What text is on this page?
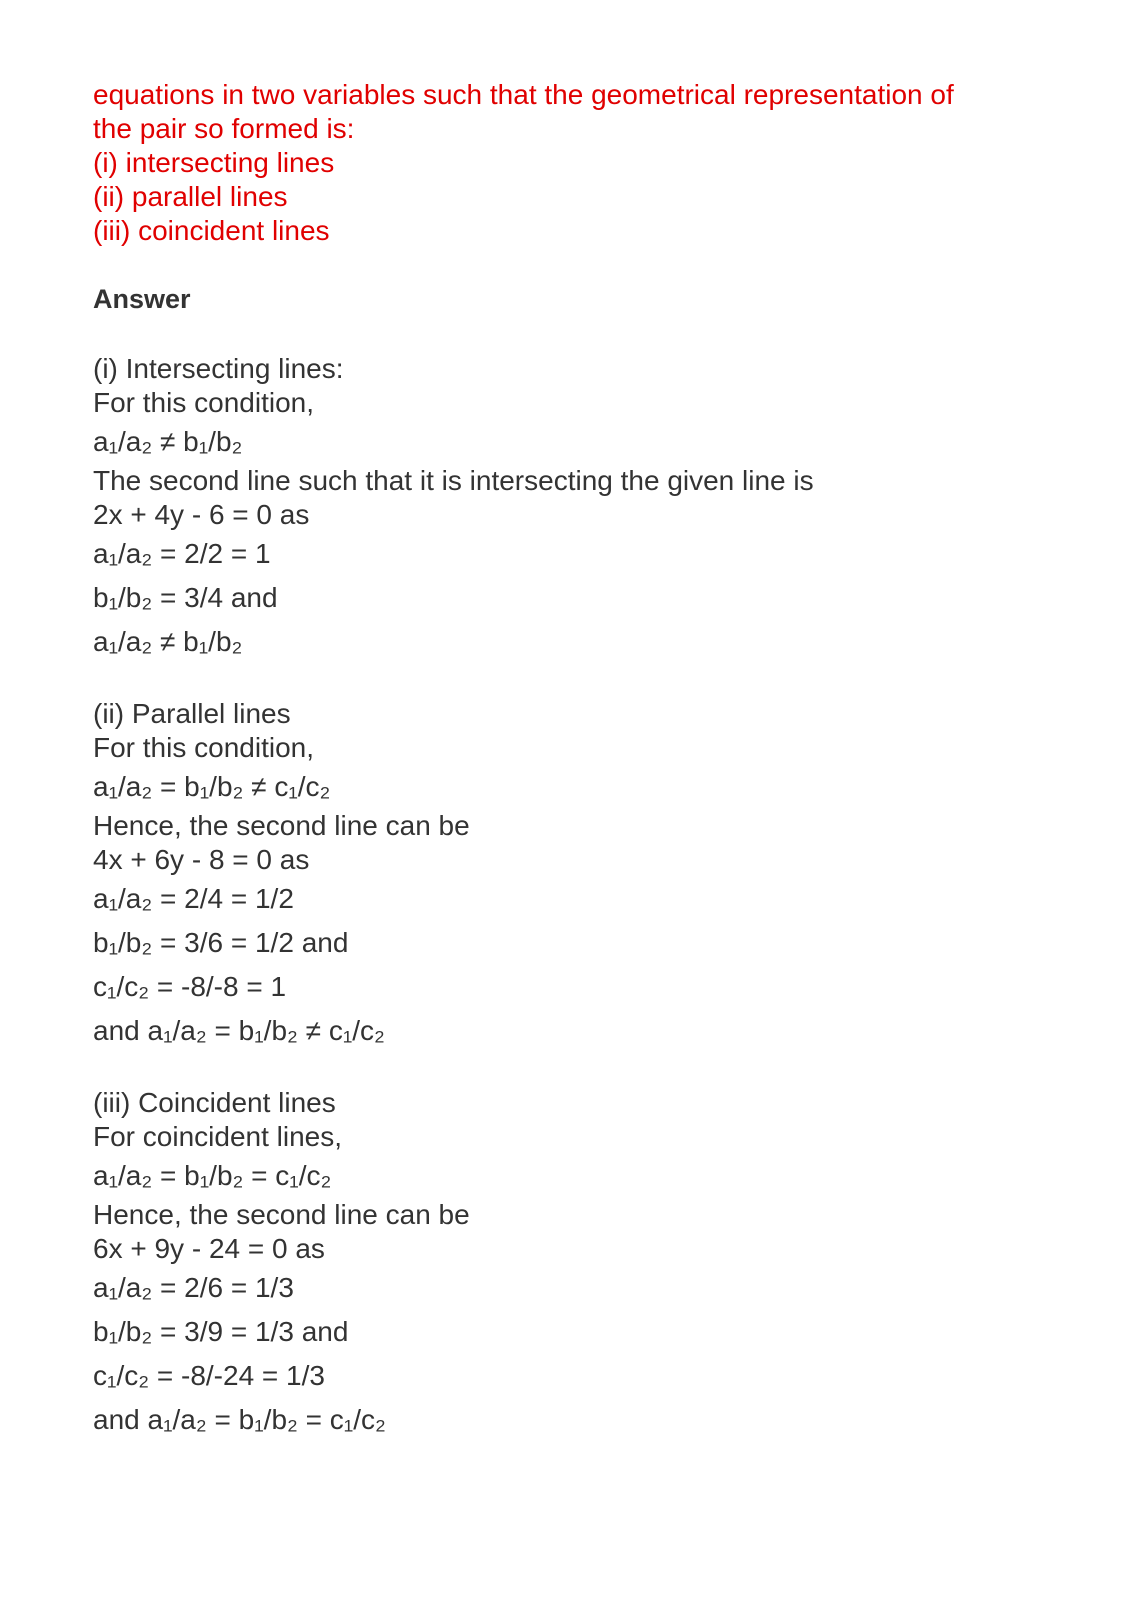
equations in two variables such that the geometrical representation of
the pair so formed is:
(i) intersecting lines
(ii) parallel lines
(iii) coincident lines
Answer
(i) Intersecting lines:
For this condition,
a₁/a₂ ≠ b₁/b₂
The second line such that it is intersecting the given line is
2x + 4y - 6 = 0 as
a₁/a₂ = 2/2 = 1
b₁/b₂ = 3/4 and
a₁/a₂ ≠ b₁/b₂
(ii) Parallel lines
For this condition,
a₁/a₂ = b₁/b₂ ≠ c₁/c₂
Hence, the second line can be
4x + 6y - 8 = 0 as
a₁/a₂ = 2/4 = 1/2
b₁/b₂ = 3/6 = 1/2 and
c₁/c₂ = -8/-8 = 1
and a₁/a₂ = b₁/b₂ ≠ c₁/c₂
(iii) Coincident lines
For coincident lines,
a₁/a₂ = b₁/b₂ = c₁/c₂
Hence, the second line can be
6x + 9y - 24 = 0 as
a₁/a₂ = 2/6 = 1/3
b₁/b₂ = 3/9 = 1/3 and
c₁/c₂ = -8/-24 = 1/3
and a₁/a₂ = b₁/b₂ = c₁/c₂
